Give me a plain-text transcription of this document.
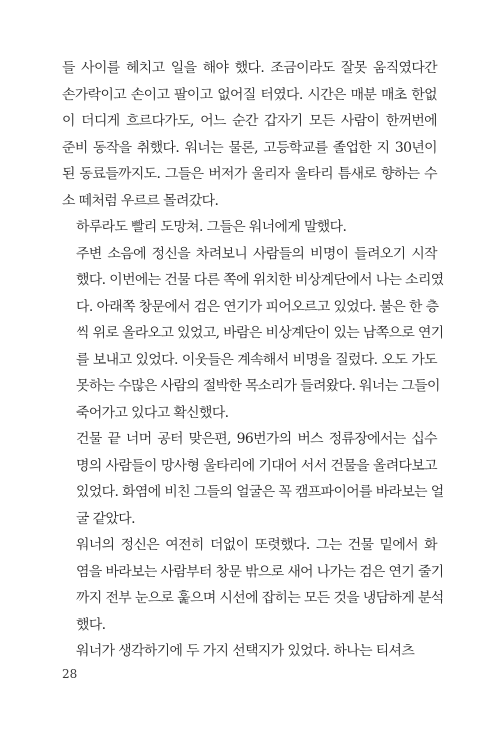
들 사이를 헤치고 일을 해야 했다. 조금이라도 잘못 움직였다간
손가락이고 손이고 팔이고 없어질 터였다. 시간은 매분 매초 한없
이 더디게 흐르다가도, 어느 순간 갑자기 모든 사람이 한꺼번에
준비 동작을 취했다. 워너는 물론, 고등학교를 졸업한 지 30년이
된 동료들까지도. 그들은 버저가 울리자 울타리 틈새로 향하는 수
소 떼처럼 우르르 몰려갔다.
하루라도 빨리 도망쳐. 그들은 워너에게 말했다.
주변 소음에 정신을 차려보니 사람들의 비명이 들려오기 시작
했다. 이번에는 건물 다른 쪽에 위치한 비상계단에서 나는 소리였
다. 아래쪽 창문에서 검은 연기가 피어오르고 있었다. 불은 한 층
씩 위로 올라오고 있었고, 바람은 비상계단이 있는 남쪽으로 연기
를 보내고 있었다. 이웃들은 계속해서 비명을 질렀다. 오도 가도
못하는 수많은 사람의 절박한 목소리가 들려왔다. 워너는 그들이
죽어가고 있다고 확신했다.
건물 끝 너머 공터 맞은편, 96번가의 버스 정류장에서는 십수
명의 사람들이 망사형 울타리에 기대어 서서 건물을 올려다보고
있었다. 화염에 비친 그들의 얼굴은 꼭 캠프파이어를 바라보는 얼
굴 같았다.
워너의 정신은 여전히 더없이 또렷했다. 그는 건물 밑에서 화
염을 바라보는 사람부터 창문 밖으로 새어 나가는 검은 연기 줄기
까지 전부 눈으로 훑으며 시선에 잡히는 모든 것을 냉담하게 분석
했다.
워너가 생각하기에 두 가지 선택지가 있었다. 하나는 티셔츠
28
